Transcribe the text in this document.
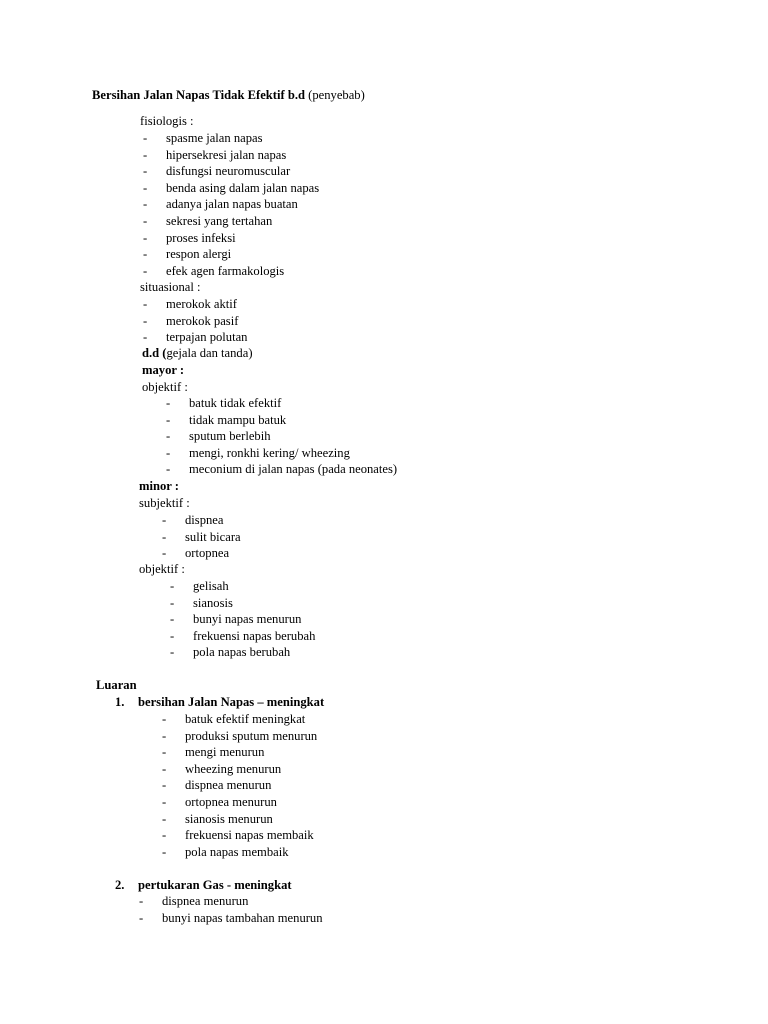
Bersihan Jalan Napas Tidak Efektif b.d (penyebab)
fisiologis :
- spasme jalan napas
- hipersekresi jalan napas
- disfungsi neuromuscular
- benda asing dalam jalan napas
- adanya jalan napas buatan
- sekresi yang tertahan
- proses infeksi
- respon alergi
- efek agen farmakologis
situasional :
- merokok aktif
- merokok pasif
- terpajan polutan
d.d (gejala dan tanda)
mayor :
objektif :
- batuk tidak efektif
- tidak mampu batuk
- sputum berlebih
- mengi, ronkhi kering/ wheezing
- meconium di jalan napas (pada neonates)
minor :
subjektif :
- dispnea
- sulit bicara
- ortopnea
objektif :
- gelisah
- sianosis
- bunyi napas menurun
- frekuensi napas berubah
- pola napas berubah
Luaran
1. bersihan Jalan Napas – meningkat
- batuk efektif meningkat
- produksi sputum menurun
- mengi menurun
- wheezing menurun
- dispnea menurun
- ortopnea menurun
- sianosis menurun
- frekuensi napas membaik
- pola napas membaik
2. pertukaran Gas - meningkat
- dispnea menurun
- bunyi napas tambahan menurun
